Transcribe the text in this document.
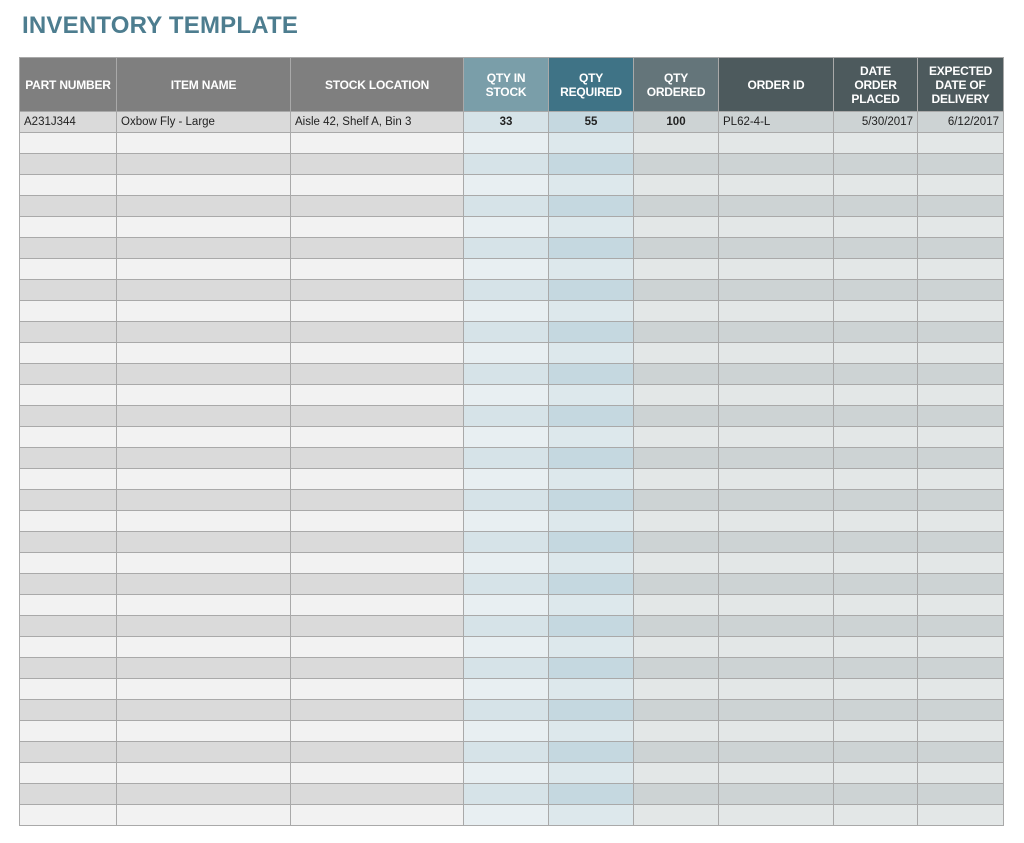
INVENTORY TEMPLATE
PART NUMBER	ITEM NAME	STOCK LOCATION	QTY IN STOCK	QTY REQUIRED	QTY ORDERED	ORDER ID	DATE ORDER PLACED	EXPECTED DATE OF DELIVERY
A231J344	Oxbow Fly - Large	Aisle 42, Shelf A, Bin 3	33	55	100	PL62-4-L	5/30/2017	6/12/2017
